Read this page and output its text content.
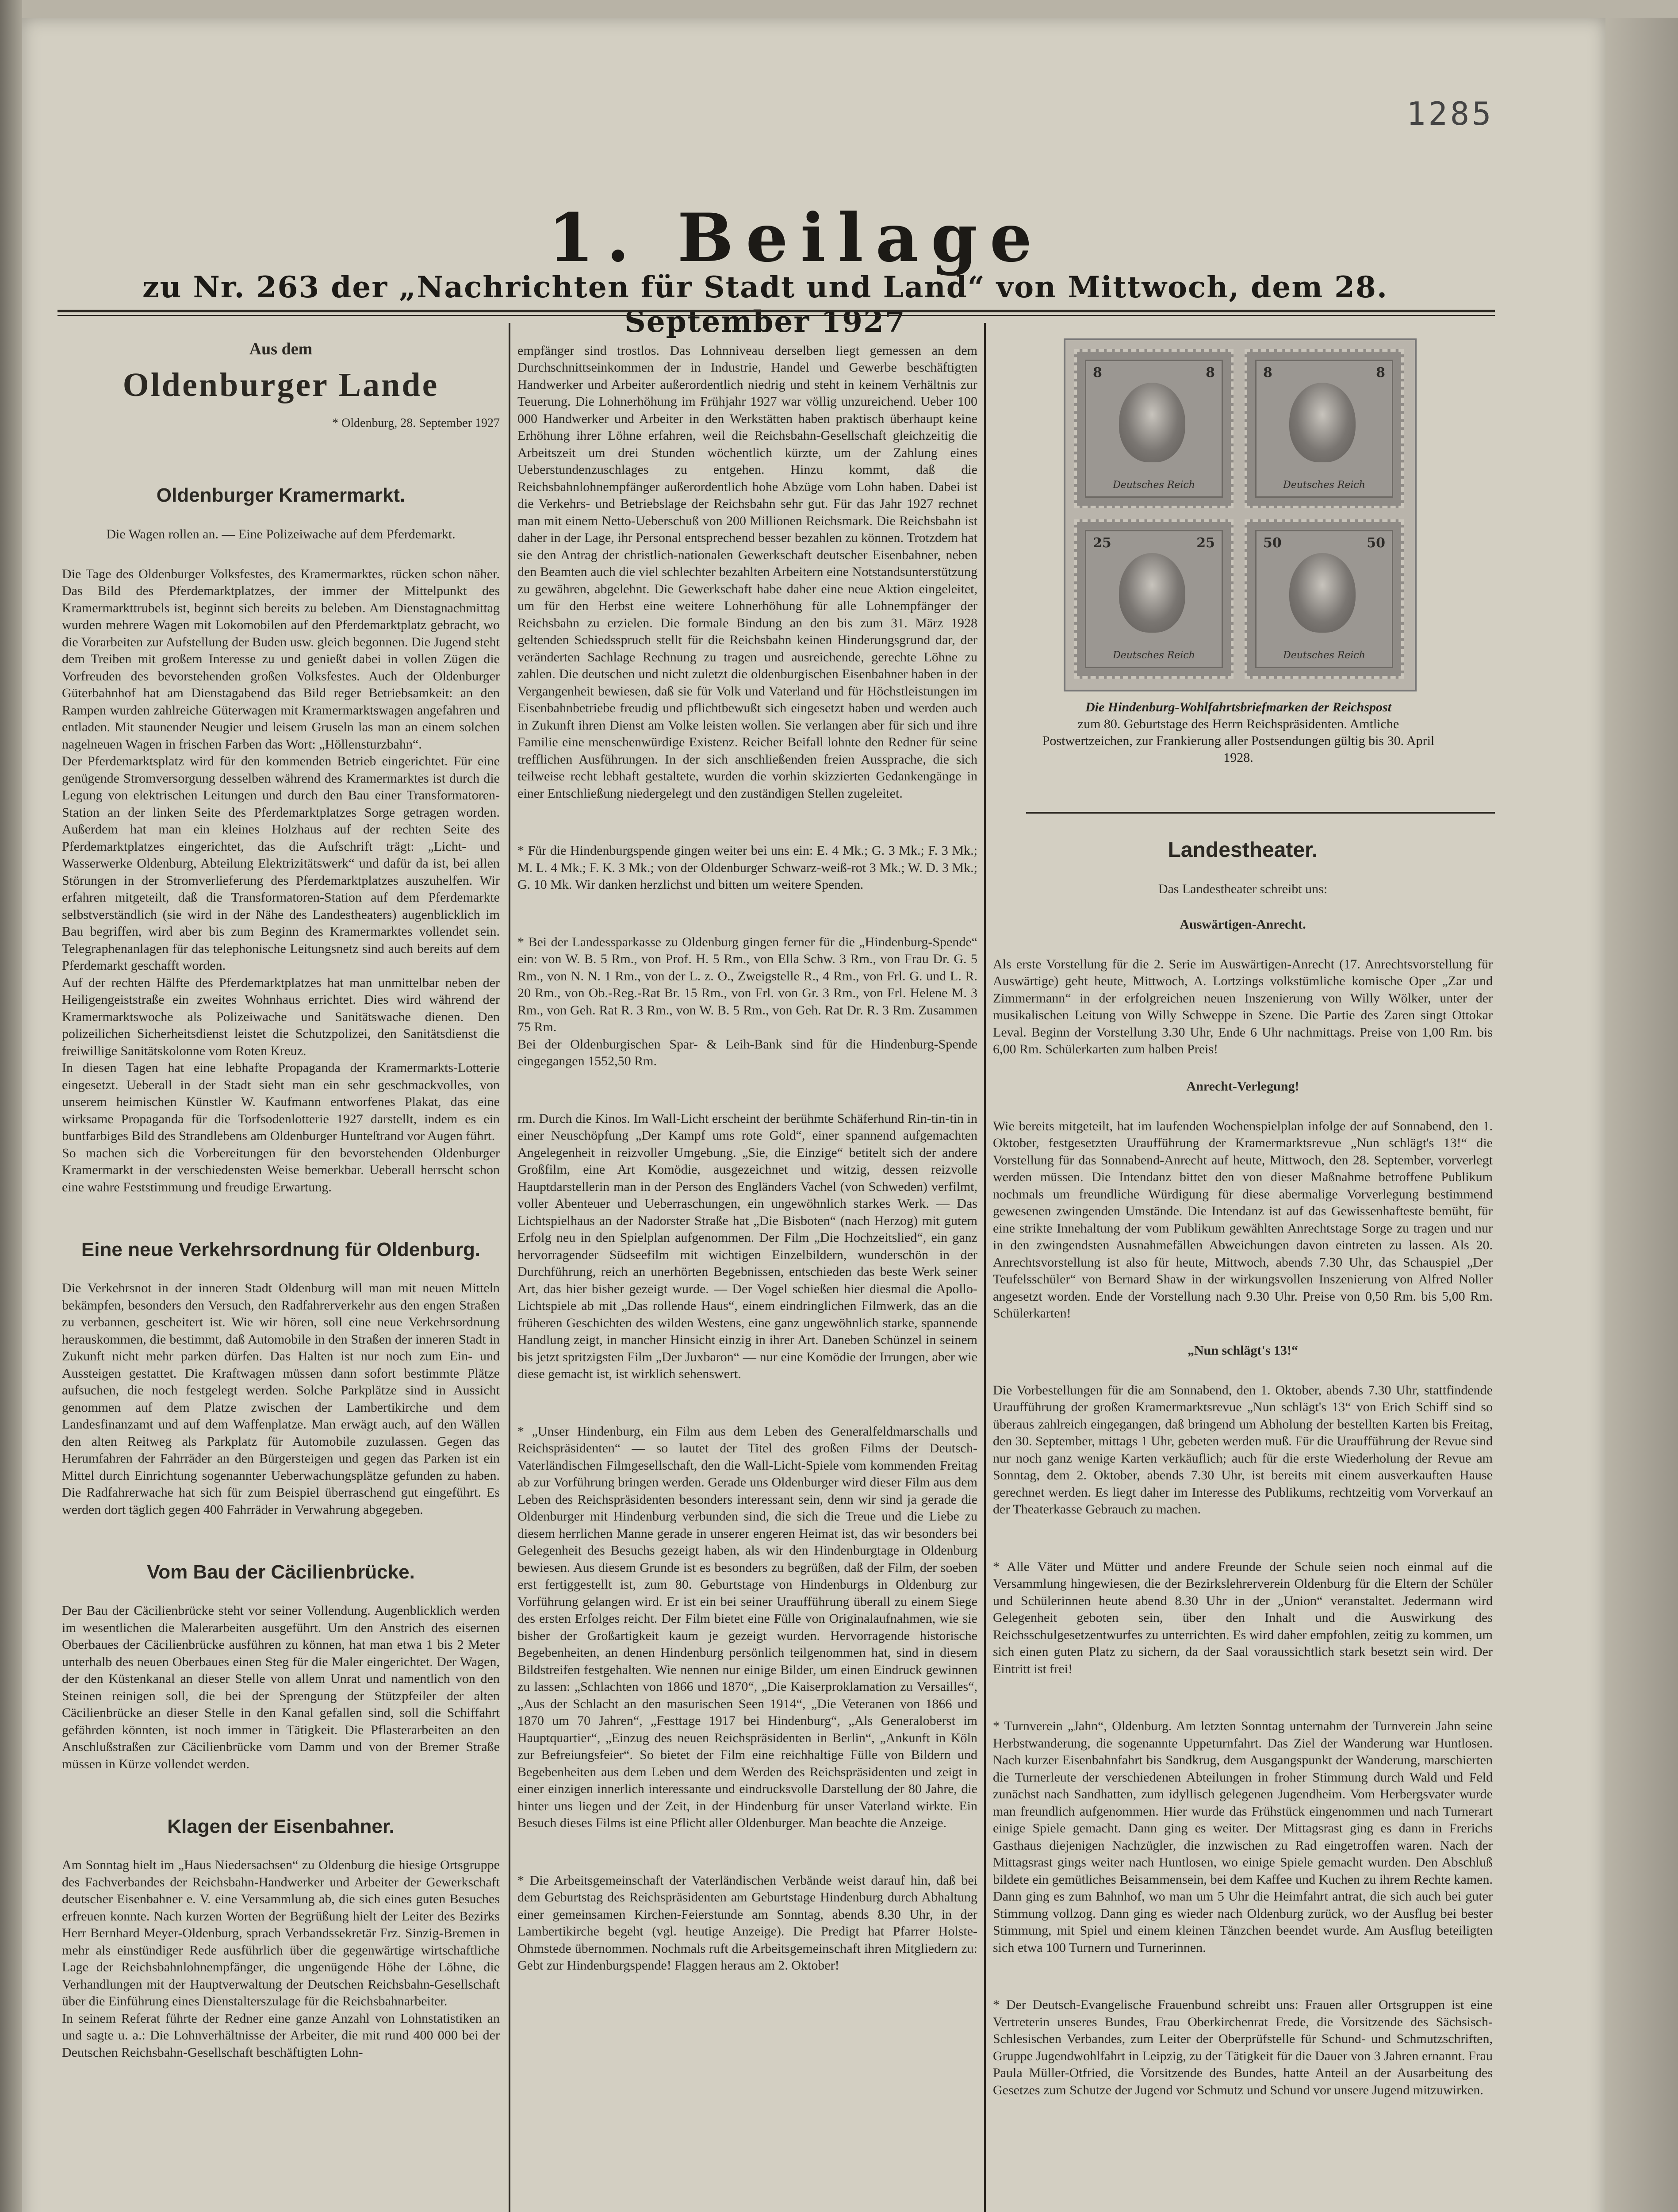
1285
1. Beilage
zu Nr. 263 der „Nachrichten für Stadt und Land“ von Mittwoch, dem 28. September 1927

Aus dem

Oldenburger Lande

* Oldenburg, 28. September 1927

Oldenburger Kramermarkt.

Die Wagen rollen an. — Eine Polizeiwache auf dem Pferdemarkt.

Die Tage des Oldenburger Volksfestes, des Kramermarktes, rücken schon näher. Das Bild des Pferdemarktplatzes, der immer der Mittelpunkt des Kramermarkttrubels ist, beginnt sich bereits zu beleben. Am Dienstagnachmittag wurden mehrere Wagen mit Lokomobilen auf den Pferdemarktplatz gebracht, wo die Vorarbeiten zur Aufstellung der Buden usw. gleich begonnen. Die Jugend steht dem Treiben mit großem Interesse zu und genießt dabei in vollen Zügen die Vorfreuden des bevorstehenden großen Volksfestes. Auch der Oldenburger Güterbahnhof hat am Dienstagabend das Bild reger Betriebsamkeit: an den Rampen wurden zahlreiche Güterwagen mit Kramermarktswagen angefahren und entladen. Mit staunender Neugier und leisem Gruseln las man an einem solchen nagelneuen Wagen in frischen Farben das Wort: „Höllensturzbahn“.
Der Pferdemarktsplatz wird für den kommenden Betrieb eingerichtet. Für eine genügende Stromversorgung desselben während des Kramermarktes ist durch die Legung von elektrischen Leitungen und durch den Bau einer Transformatoren-Station an der linken Seite des Pferdemarktplatzes Sorge getragen worden. Außerdem hat man ein kleines Holzhaus auf der rechten Seite des Pferdemarktplatzes eingerichtet, das die Aufschrift trägt: „Licht- und Wasserwerke Oldenburg, Abteilung Elektrizitätswerk“ und dafür da ist, bei allen Störungen in der Stromverlieferung des Pferdemarktplatzes auszuhelfen. Wir erfahren mitgeteilt, daß die Transformatoren-Station auf dem Pferdemarkte selbstverständlich (sie wird in der Nähe des Landestheaters) augenblicklich im Bau begriffen, wird aber bis zum Beginn des Kramermarktes vollendet sein. Telegraphenanlagen für das telephonische Leitungsnetz sind auch bereits auf dem Pferdemarkt geschafft worden.
Auf der rechten Hälfte des Pferdemarktplatzes hat man unmittelbar neben der Heiligengeiststraße ein zweites Wohnhaus errichtet. Dies wird während der Kramermarktswoche als Polizeiwache und Sanitätswache dienen. Den polizeilichen Sicherheitsdienst leistet die Schutzpolizei, den Sanitätsdienst die freiwillige Sanitätskolonne vom Roten Kreuz.
In diesen Tagen hat eine lebhafte Propaganda der Kramermarkts-Lotterie eingesetzt. Ueberall in der Stadt sieht man ein sehr geschmackvolles, von unserem heimischen Künstler W. Kaufmann entworfenes Plakat, das eine wirksame Propaganda für die Torfsodenlotterie 1927 darstellt, indem es ein buntfarbiges Bild des Strandlebens am Oldenburger Hunteſtrand vor Augen führt.
So machen sich die Vorbereitungen für den bevorstehenden Oldenburger Kramermarkt in der verschiedensten Weise bemerkbar. Ueberall herrscht schon eine wahre Feststimmung und freudige Erwartung.

Eine neue Verkehrsordnung für Oldenburg.

Die Verkehrsnot in der inneren Stadt Oldenburg will man mit neuen Mitteln bekämpfen, besonders den Versuch, den Radfahrerverkehr aus den engen Straßen zu verbannen, gescheitert ist. Wie wir hören, soll eine neue Verkehrsordnung herauskommen, die bestimmt, daß Automobile in den Straßen der inneren Stadt in Zukunft nicht mehr parken dürfen. Das Halten ist nur noch zum Ein- und Aussteigen gestattet. Die Kraftwagen müssen dann sofort bestimmte Plätze aufsuchen, die noch festgelegt werden. Solche Parkplätze sind in Aussicht genommen auf dem Platze zwischen der Lambertikirche und dem Landesfinanzamt und auf dem Waffenplatze. Man erwägt auch, auf den Wällen den alten Reitweg als Parkplatz für Automobile zuzulassen. Gegen das Herumfahren der Fahrräder an den Bürgersteigen und gegen das Parken ist ein Mittel durch Einrichtung sogenannter Ueberwachungsplätze gefunden zu haben. Die Radfahrerwache hat sich für zum Beispiel überraschend gut eingeführt. Es werden dort täglich gegen 400 Fahrräder in Verwahrung abgegeben.

Vom Bau der Cäcilienbrücke.

Der Bau der Cäcilienbrücke steht vor seiner Vollendung. Augenblicklich werden im wesentlichen die Malerarbeiten ausgeführt. Um den Anstrich des eisernen Oberbaues der Cäcilienbrücke ausführen zu können, hat man etwa 1 bis 2 Meter unterhalb des neuen Oberbaues einen Steg für die Maler eingerichtet. Der Wagen, der den Küstenkanal an dieser Stelle von allem Unrat und namentlich von den Steinen reinigen soll, die bei der Sprengung der Stützpfeiler der alten Cäcilienbrücke an dieser Stelle in den Kanal gefallen sind, soll die Schiffahrt gefährden könnten, ist noch immer in Tätigkeit. Die Pflasterarbeiten an den Anschlußstraßen zur Cäcilienbrücke vom Damm und von der Bremer Straße müssen in Kürze vollendet werden.

Klagen der Eisenbahner.

Am Sonntag hielt im „Haus Niedersachsen“ zu Oldenburg die hiesige Ortsgruppe des Fachverbandes der Reichsbahn-Handwerker und Arbeiter der Gewerkschaft deutscher Eisenbahner e. V. eine Versammlung ab, die sich eines guten Besuches erfreuen konnte. Nach kurzen Worten der Begrüßung hielt der Leiter des Bezirks Herr Bernhard Meyer-Oldenburg, sprach Verbandssekretär Frz. Sinzig-Bremen in mehr als einstündiger Rede ausführlich über die gegenwärtige wirtschaftliche Lage der Reichsbahnlohnempfänger, die ungenügende Höhe der Löhne, die Verhandlungen mit der Hauptverwaltung der Deutschen Reichsbahn-Gesellschaft über die Einführung eines Dienstalterszulage für die Reichsbahnarbeiter.
In seinem Referat führte der Redner eine ganze Anzahl von Lohnstatistiken an und sagte u. a.: Die Lohnverhältnisse der Arbeiter, die mit rund 400 000 bei der Deutschen Reichsbahn-Gesellschaft beschäftigten Lohn-

empfänger sind trostlos. Das Lohnniveau derselben liegt gemessen an dem Durchschnittseinkommen der in Industrie, Handel und Gewerbe beschäftigten Handwerker und Arbeiter außerordentlich niedrig und steht in keinem Verhältnis zur Teuerung. Die Lohnerhöhung im Frühjahr 1927 war völlig unzureichend. Ueber 100 000 Handwerker und Arbeiter in den Werkstätten haben praktisch überhaupt keine Erhöhung ihrer Löhne erfahren, weil die Reichsbahn-Gesellschaft gleichzeitig die Arbeitszeit um drei Stunden wöchentlich kürzte, um der Zahlung eines Ueberstundenzuschlages zu entgehen. Hinzu kommt, daß die Reichsbahnlohnempfänger außerordentlich hohe Abzüge vom Lohn haben. Dabei ist die Verkehrs- und Betriebslage der Reichsbahn sehr gut. Für das Jahr 1927 rechnet man mit einem Netto-Ueberschuß von 200 Millionen Reichsmark. Die Reichsbahn ist daher in der Lage, ihr Personal entsprechend besser bezahlen zu können. Trotzdem hat sie den Antrag der christlich-nationalen Gewerkschaft deutscher Eisenbahner, neben den Beamten auch die viel schlechter bezahlten Arbeitern eine Notstandsunterstützung zu gewähren, abgelehnt. Die Gewerkschaft habe daher eine neue Aktion eingeleitet, um für den Herbst eine weitere Lohnerhöhung für alle Lohnempfänger der Reichsbahn zu erzielen. Die formale Bindung an den bis zum 31. März 1928 geltenden Schiedsspruch stellt für die Reichsbahn keinen Hinderungsgrund dar, der veränderten Sachlage Rechnung zu tragen und ausreichende, gerechte Löhne zu zahlen. Die deutschen und nicht zuletzt die oldenburgischen Eisenbahner haben in der Vergangenheit bewiesen, daß sie für Volk und Vaterland und für Höchstleistungen im Eisenbahnbetriebe freudig und pflichtbewußt sich eingesetzt haben und werden auch in Zukunft ihren Dienst am Volke leisten wollen. Sie verlangen aber für sich und ihre Familie eine menschenwürdige Existenz. Reicher Beifall lohnte den Redner für seine trefflichen Ausführungen. In der sich anschließenden freien Aussprache, die sich teilweise recht lebhaft gestaltete, wurden die vorhin skizzierten Gedankengänge in einer Entschließung niedergelegt und den zuständigen Stellen zugeleitet.

* Für die Hindenburgspende gingen weiter bei uns ein: E. 4 Mk.; G. 3 Mk.; F. 3 Mk.; M. L. 4 Mk.; F. K. 3 Mk.; von der Oldenburger Schwarz-weiß-rot 3 Mk.; W. D. 3 Mk.; G. 10 Mk. Wir danken herzlichst und bitten um weitere Spenden.

* Bei der Landessparkasse zu Oldenburg gingen ferner für die „Hindenburg-Spende“ ein: von W. B. 5 Rm., von Prof. H. 5 Rm., von Ella Schw. 3 Rm., von Frau Dr. G. 5 Rm., von N. N. 1 Rm., von der L. z. O., Zweigstelle R., 4 Rm., von Frl. G. und L. R. 20 Rm., von Ob.-Reg.-Rat Br. 15 Rm., von Frl. von Gr. 3 Rm., von Frl. Helene M. 3 Rm., von Geh. Rat R. 3 Rm., von W. B. 5 Rm., von Geh. Rat Dr. R. 3 Rm. Zusammen 75 Rm.
Bei der Oldenburgischen Spar- & Leih-Bank sind für die Hindenburg-Spende eingegangen 1552,50 Rm.

rm. Durch die Kinos. Im Wall-Licht erscheint der berühmte Schäferhund Rin-tin-tin in einer Neuschöpfung „Der Kampf ums rote Gold“, einer spannend aufgemachten Angelegenheit in reizvoller Umgebung. „Sie, die Einzige“ betitelt sich der andere Großfilm, eine Art Komödie, ausgezeichnet und witzig, dessen reizvolle Hauptdarstellerin man in der Person des Engländers Vachel (von Schweden) verfilmt, voller Abenteuer und Ueberraschungen, ein ungewöhnlich starkes Werk. — Das Lichtspielhaus an der Nadorster Straße hat „Die Bisboten“ (nach Herzog) mit gutem Erfolg neu in den Spielplan aufgenommen. Der Film „Die Hochzeitslied“, ein ganz hervorragender Südseefilm mit wichtigen Einzelbildern, wunderschön in der Durchführung, reich an unerhörten Begebnissen, entschieden das beste Werk seiner Art, das hier bisher gezeigt wurde. — Der Vogel schießen hier diesmal die Apollo-Lichtspiele ab mit „Das rollende Haus“, einem eindringlichen Filmwerk, das an die früheren Geschichten des wilden Westens, eine ganz ungewöhnlich starke, spannende Handlung zeigt, in mancher Hinsicht einzig in ihrer Art. Daneben Schünzel in seinem bis jetzt spritzigsten Film „Der Juxbaron“ — nur eine Komödie der Irrungen, aber wie diese gemacht ist, ist wirklich sehenswert.

* „Unser Hindenburg, ein Film aus dem Leben des Generalfeldmarschalls und Reichspräsidenten“ — so lautet der Titel des großen Films der Deutsch-Vaterländischen Filmgesellschaft, den die Wall-Licht-Spiele vom kommenden Freitag ab zur Vorführung bringen werden. Gerade uns Oldenburger wird dieser Film aus dem Leben des Reichspräsidenten besonders interessant sein, denn wir sind ja gerade die Oldenburger mit Hindenburg verbunden sind, die sich die Treue und die Liebe zu diesem herrlichen Manne gerade in unserer engeren Heimat ist, das wir besonders bei Gelegenheit des Besuchs gezeigt haben, als wir den Hindenburgtage in Oldenburg bewiesen. Aus diesem Grunde ist es besonders zu begrüßen, daß der Film, der soeben erst fertiggestellt ist, zum 80. Geburtstage von Hindenburgs in Oldenburg zur Vorführung gelangen wird. Er ist ein bei seiner Uraufführung überall zu einem Siege des ersten Erfolges reicht. Der Film bietet eine Fülle von Originalaufnahmen, wie sie bisher der Großartigkeit kaum je gezeigt wurden. Hervorragende historische Begebenheiten, an denen Hindenburg persönlich teilgenommen hat, sind in diesem Bildstreifen festgehalten. Wie nennen nur einige Bilder, um einen Eindruck gewinnen zu lassen: „Schlachten von 1866 und 1870“, „Die Kaiserproklamation zu Versailles“, „Aus der Schlacht an den masurischen Seen 1914“, „Die Veteranen von 1866 und 1870 um 70 Jahren“, „Festtage 1917 bei Hindenburg“, „Als Generaloberst im Hauptquartier“, „Einzug des neuen Reichspräsidenten in Berlin“, „Ankunft in Köln zur Befreiungsfeier“. So bietet der Film eine reichhaltige Fülle von Bildern und Begebenheiten aus dem Leben und dem Werden des Reichspräsidenten und zeigt in einer einzigen innerlich interessante und eindrucksvolle Darstellung der 80 Jahre, die hinter uns liegen und der Zeit, in der Hindenburg für unser Vaterland wirkte. Ein Besuch dieses Films ist eine Pflicht aller Oldenburger. Man beachte die Anzeige.

* Die Arbeitsgemeinschaft der Vaterländischen Verbände weist darauf hin, daß bei dem Geburtstag des Reichspräsidenten am Geburtstage Hindenburg durch Abhaltung einer gemeinsamen Kirchen-Feierstunde am Sonntag, abends 8.30 Uhr, in der Lambertikirche begeht (vgl. heutige Anzeige). Die Predigt hat Pfarrer Holste-Ohmstede übernommen. Nochmals ruft die Arbeitsgemeinschaft ihren Mitgliedern zu: Gebt zur Hindenburgspende! Flaggen heraus am 2. Oktober!

8	8
Deutsches Reich
8	8
Deutsches Reich
25	25
Deutsches Reich
50	50
Deutsches Reich
Die Hindenburg-Wohlfahrtsbriefmarken der Reichspost
zum 80. Geburtstage des Herrn Reichspräsidenten. Amtliche Postwertzeichen, zur Frankierung aller Postsendungen gültig bis 30. April 1928.

Landestheater.

Das Landestheater schreibt uns:

Auswärtigen-Anrecht.

Als erste Vorstellung für die 2. Serie im Auswärtigen-Anrecht (17. Anrechtsvorstellung für Auswärtige) geht heute, Mittwoch, A. Lortzings volkstümliche komische Oper „Zar und Zimmermann“ in der erfolgreichen neuen Inszenierung von Willy Wölker, unter der musikalischen Leitung von Willy Schweppe in Szene. Die Partie des Zaren singt Ottokar Leval. Beginn der Vorstellung 3.30 Uhr, Ende 6 Uhr nachmittags. Preise von 1,00 Rm. bis 6,00 Rm. Schülerkarten zum halben Preis!

Anrecht-Verlegung!

Wie bereits mitgeteilt, hat im laufenden Wochenspielplan infolge der auf Sonnabend, den 1. Oktober, festgesetzten Uraufführung der Kramermarktsrevue „Nun schlägt's 13!“ die Vorstellung für das Sonnabend-Anrecht auf heute, Mittwoch, den 28. September, vorverlegt werden müssen. Die Intendanz bittet den von dieser Maßnahme betroffene Publikum nochmals um freundliche Würdigung für diese abermalige Vorverlegung bestimmend gewesenen zwingenden Umstände. Die Intendanz ist auf das Gewissenhafteste bemüht, für eine strikte Innehaltung der vom Publikum gewählten Anrechtstage Sorge zu tragen und nur in den zwingendsten Ausnahmefällen Abweichungen davon eintreten zu lassen. Als 20. Anrechtsvorstellung ist also für heute, Mittwoch, abends 7.30 Uhr, das Schauspiel „Der Teufelsschüler“ von Bernard Shaw in der wirkungsvollen Inszenierung von Alfred Noller angesetzt worden. Ende der Vorstellung nach 9.30 Uhr. Preise von 0,50 Rm. bis 5,00 Rm. Schülerkarten!

„Nun schlägt's 13!“

Die Vorbestellungen für die am Sonnabend, den 1. Oktober, abends 7.30 Uhr, stattfindende Uraufführung der großen Kramermarktsrevue „Nun schlägt's 13“ von Erich Schiff sind so überaus zahlreich eingegangen, daß bringend um Abholung der bestellten Karten bis Freitag, den 30. September, mittags 1 Uhr, gebeten werden muß. Für die Uraufführung der Revue sind nur noch ganz wenige Karten verkäuflich; auch für die erste Wiederholung der Revue am Sonntag, dem 2. Oktober, abends 7.30 Uhr, ist bereits mit einem ausverkauften Hause gerechnet werden. Es liegt daher im Interesse des Publikums, rechtzeitig vom Vorverkauf an der Theaterkasse Gebrauch zu machen.

* Alle Väter und Mütter und andere Freunde der Schule seien noch einmal auf die Versammlung hingewiesen, die der Bezirkslehrerverein Oldenburg für die Eltern der Schüler und Schülerinnen heute abend 8.30 Uhr in der „Union“ veranstaltet. Jedermann wird Gelegenheit geboten sein, über den Inhalt und die Auswirkung des Reichsschulgesetzentwurfes zu unterrichten. Es wird daher empfohlen, zeitig zu kommen, um sich einen guten Platz zu sichern, da der Saal voraussichtlich stark besetzt sein wird. Der Eintritt ist frei!

* Turnverein „Jahn“, Oldenburg. Am letzten Sonntag unternahm der Turnverein Jahn seine Herbstwanderung, die sogenannte Uppeturnfahrt. Das Ziel der Wanderung war Huntlosen. Nach kurzer Eisenbahnfahrt bis Sandkrug, dem Ausgangspunkt der Wanderung, marschierten die Turnerleute der verschiedenen Abteilungen in froher Stimmung durch Wald und Feld zunächst nach Sandhatten, zum idyllisch gelegenen Jugendheim. Vom Herbergsvater wurde man freundlich aufgenommen. Hier wurde das Frühstück eingenommen und nach Turnerart einige Spiele gemacht. Dann ging es weiter. Der Mittagsrast ging es dann in Frerichs Gasthaus diejenigen Nachzügler, die inzwischen zu Rad eingetroffen waren. Nach der Mittagsrast gings weiter nach Huntlosen, wo einige Spiele gemacht wurden. Den Abschluß bildete ein gemütliches Beisammensein, bei dem Kaffee und Kuchen zu ihrem Rechte kamen. Dann ging es zum Bahnhof, wo man um 5 Uhr die Heimfahrt antrat, die sich auch bei guter Stimmung vollzog. Dann ging es wieder nach Oldenburg zurück, wo der Ausflug bei bester Stimmung, mit Spiel und einem kleinen Tänzchen beendet wurde. Am Ausflug beteiligten sich etwa 100 Turnern und Turnerinnen.

* Der Deutsch-Evangelische Frauenbund schreibt uns: Frauen aller Ortsgruppen ist eine Vertreterin unseres Bundes, Frau Oberkirchenrat Frede, die Vorsitzende des Sächsisch-Schlesischen Verbandes, zum Leiter der Oberprüfstelle für Schund- und Schmutzschriften, Gruppe Jugendwohlfahrt in Leipzig, zu der Tätigkeit für die Dauer von 3 Jahren ernannt. Frau Paula Müller-Otfried, die Vorsitzende des Bundes, hatte Anteil an der Ausarbeitung des Gesetzes zum Schutze der Jugend vor Schmutz und Schund vor unsere Jugend mitzuwirken.
